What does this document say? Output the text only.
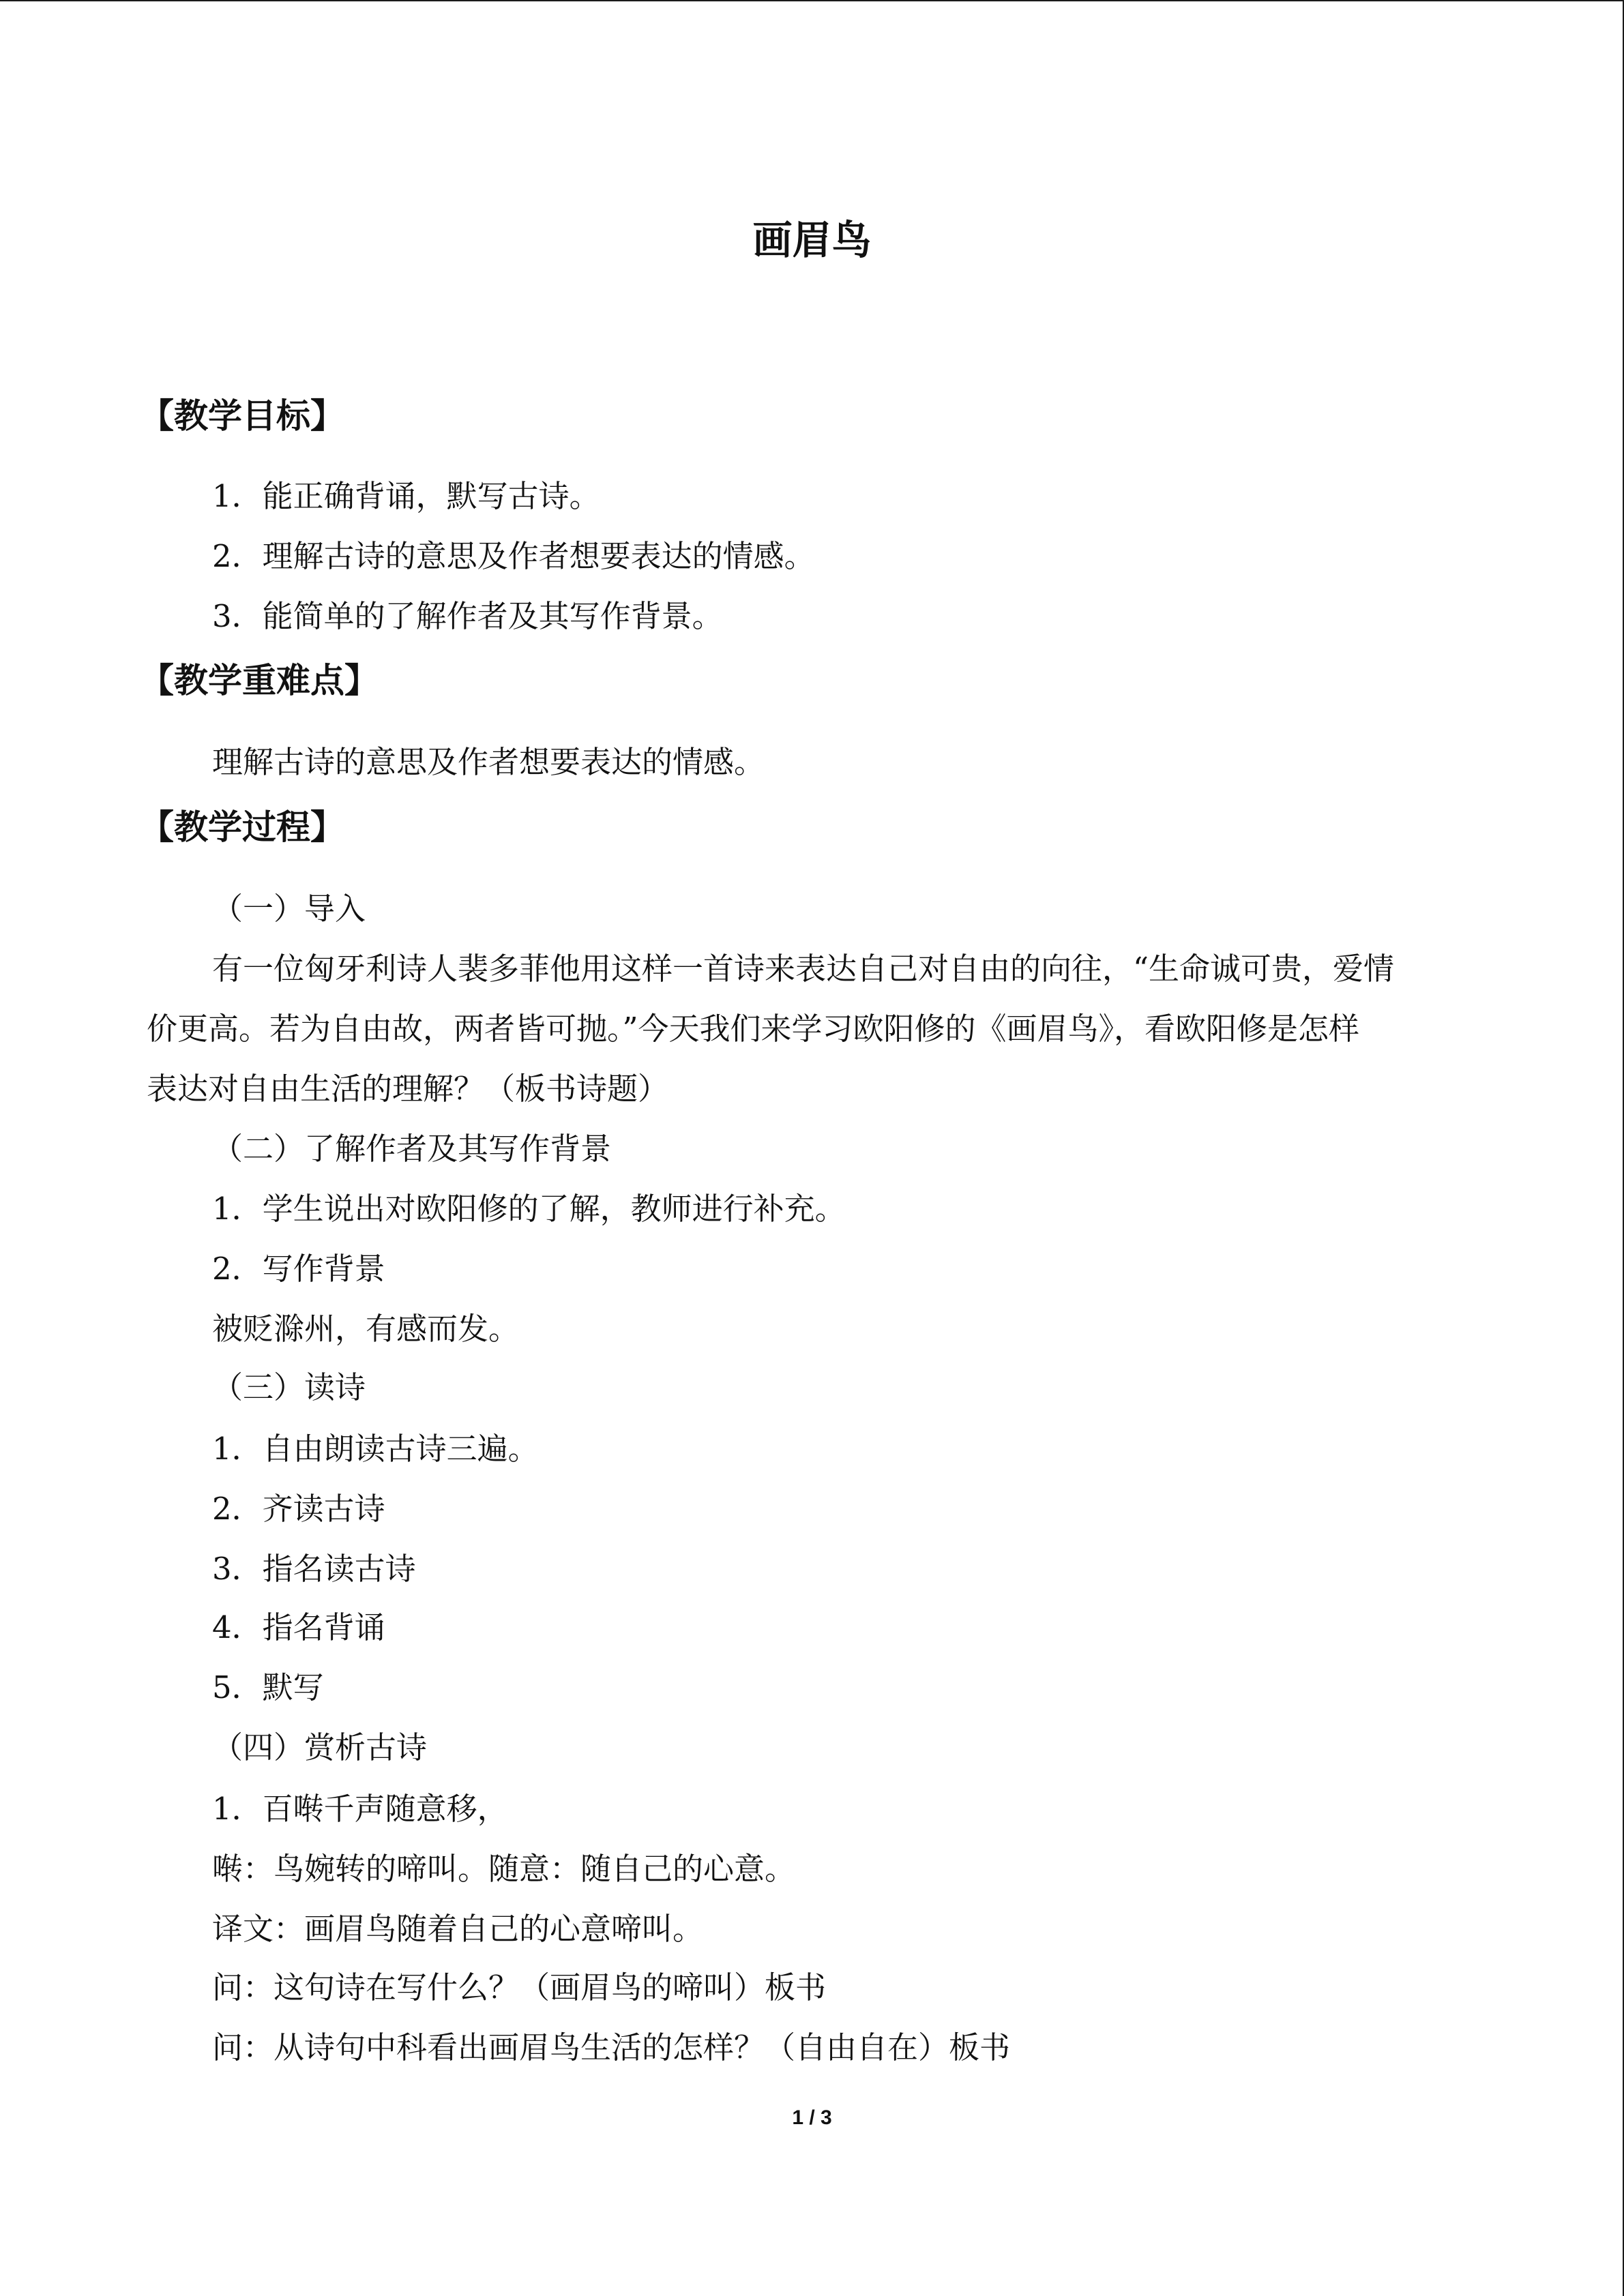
画眉鸟
【教学目标】
1．能正确背诵，默写古诗。
2．理解古诗的意思及作者想要表达的情感。
3．能简单的了解作者及其写作背景。
【教学重难点】
理解古诗的意思及作者想要表达的情感。
【教学过程】
（一）导入
有一位匈牙利诗人裴多菲他用这样一首诗来表达自己对自由的向往，“生命诚可贵，爱情
价更高。若为自由故，两者皆可抛。”今天我们来学习欧阳修的《画眉鸟》，看欧阳修是怎样
表达对自由生活的理解？（板书诗题）
（二）了解作者及其写作背景
1．学生说出对欧阳修的了解，教师进行补充。
2．写作背景
被贬滁州，有感而发。
（三）读诗
1．自由朗读古诗三遍。
2．齐读古诗
3．指名读古诗
4．指名背诵
5．默写
（四）赏析古诗
1．百啭千声随意移，
啭：鸟婉转的啼叫。随意：随自己的心意。
译文：画眉鸟随着自己的心意啼叫。
问：这句诗在写什么？（画眉鸟的啼叫）板书
问：从诗句中科看出画眉鸟生活的怎样？（自由自在）板书
1 / 3
